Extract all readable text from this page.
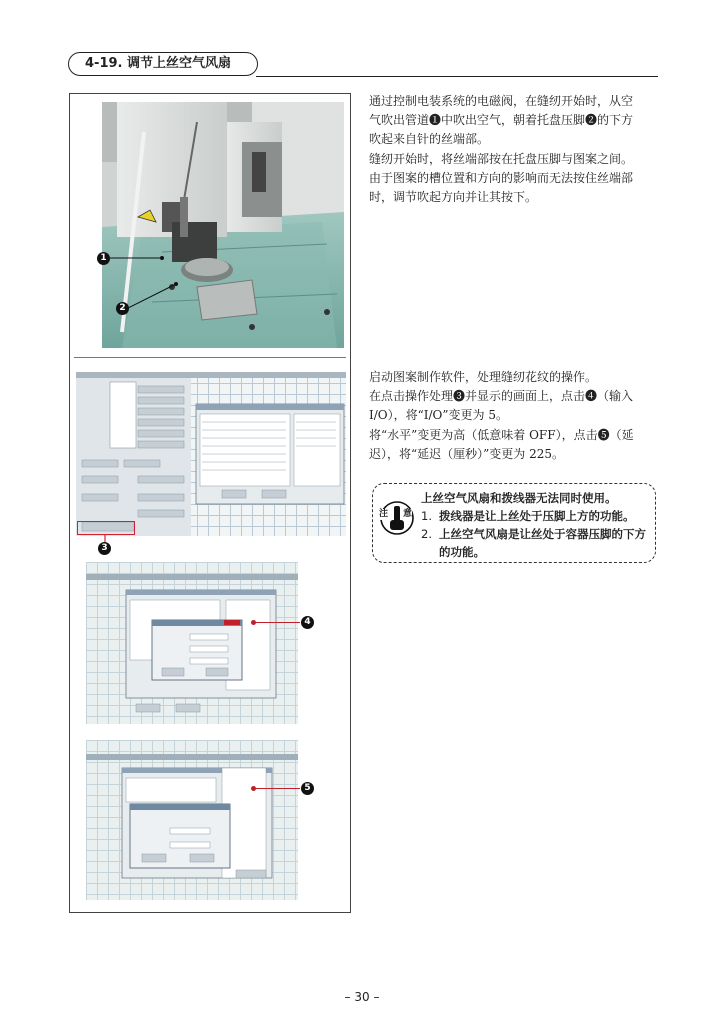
4-19. 调节上丝空气风扇
1
2
3
4
5

通过控制电装系统的电磁阀，在缝纫开始时，从空

气吹出管道❶中吹出空气，朝着托盘压脚❷的下方

吹起来自针的丝端部。

缝纫开始时，将丝端部按在托盘压脚与图案之间。

由于图案的槽位置和方向的影响而无法按住丝端部

时，调节吹起方向并让其按下。

启动图案制作软件，处理缝纫花纹的操作。

在点击操作处理❸并显示的画面上，点击❹（输入

I/O），将“I/O”变更为 5。

将“水平”变更为高（低意味着 OFF），点击❺（延

迟），将“延迟（厘秒）”变更为 225。

注 意
上丝空气风扇和拨线器无法同时使用。
1. 拨线器是让上丝处于压脚上方的功能。
2. 上丝空气风扇是让丝处于容器压脚的下方的功能。
– 30 –
